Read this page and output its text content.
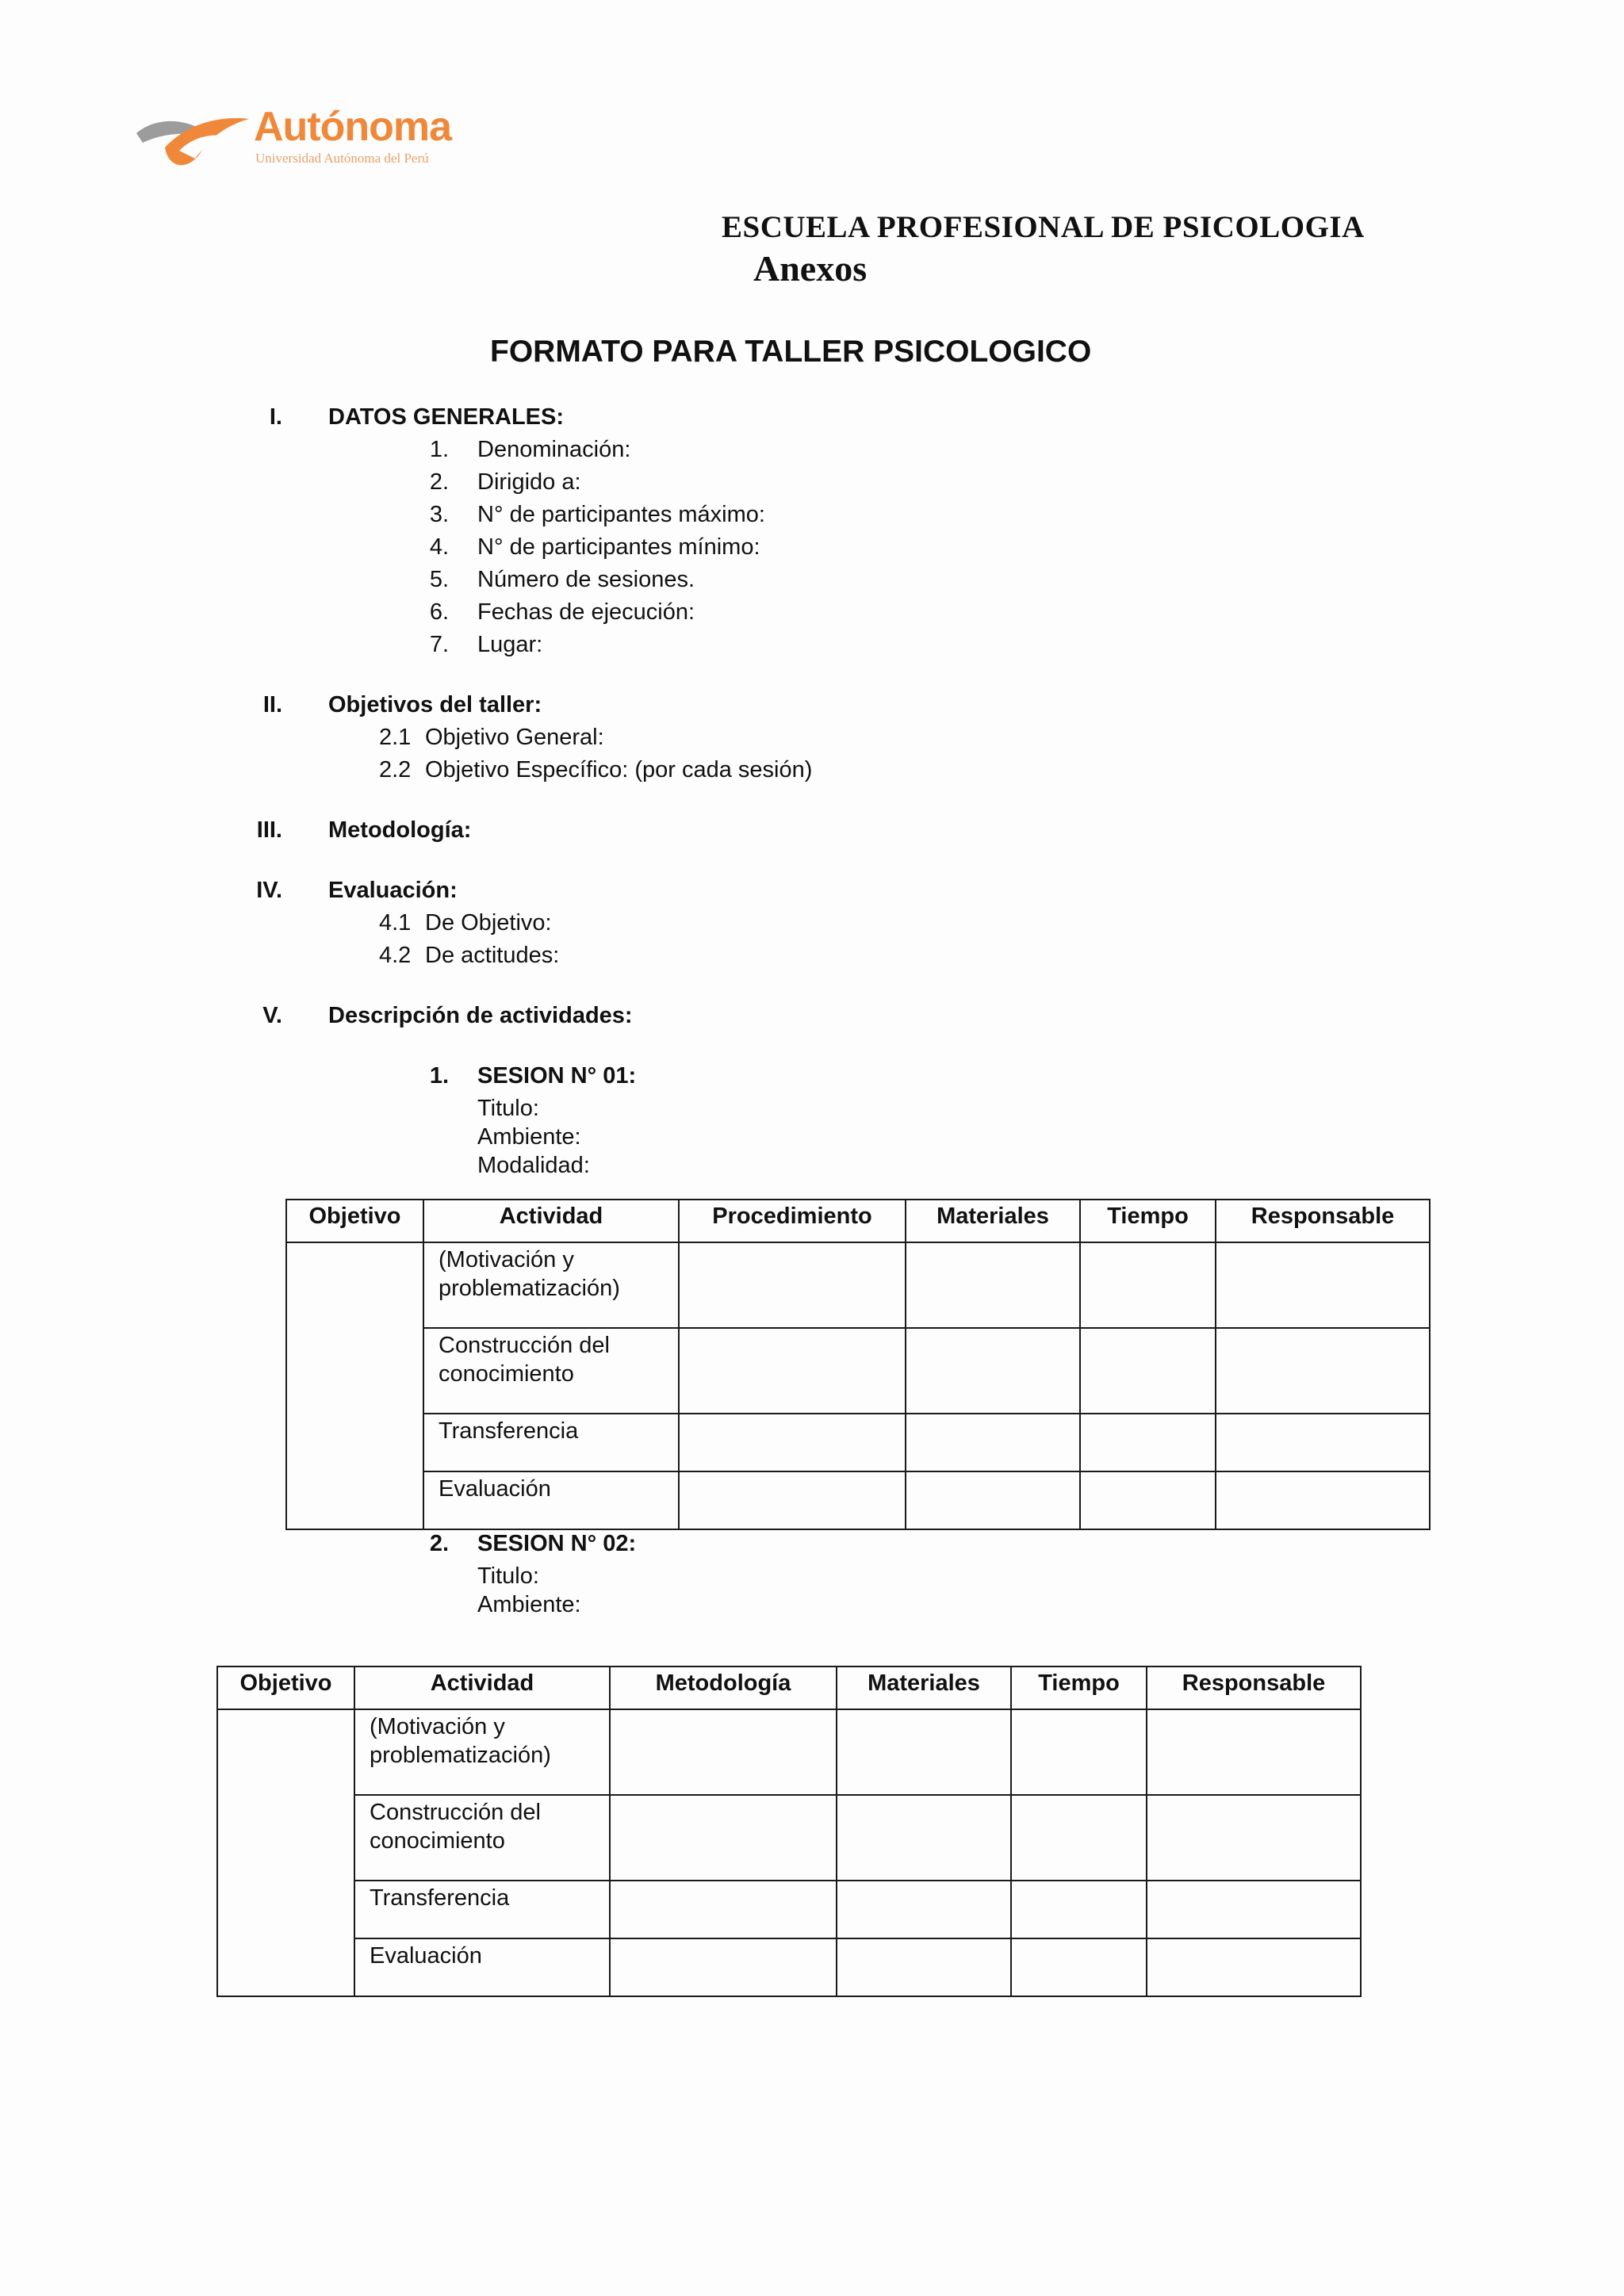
Autónoma
Universidad Autónoma del Perú
ESCUELA PROFESIONAL DE PSICOLOGIA
Anexos
FORMATO PARA TALLER PSICOLOGICO
I. DATOS GENERALES:
1. Denominación:
2. Dirigido a:
3. N° de participantes máximo:
4. N° de participantes mínimo:
5. Número de sesiones.
6. Fechas de ejecución:
7. Lugar:
II. Objetivos del taller:
2.1 Objetivo General:
2.2 Objetivo Específico: (por cada sesión)
III. Metodología:
IV. Evaluación:
4.1 De Objetivo:
4.2 De actitudes:
V. Descripción de actividades:
1. SESION N° 01:
Titulo:
Ambiente:
Modalidad:
Objetivo	Actividad	Procedimiento	Materiales	Tiempo	Responsable
	(Motivación y problematización)				
	Construcción del conocimiento				
	Transferencia				
	Evaluación				
2. SESION N° 02:
Titulo:
Ambiente:
Objetivo	Actividad	Metodología	Materiales	Tiempo	Responsable
	(Motivación y problematización)				
	Construcción del conocimiento				
	Transferencia				
	Evaluación				
